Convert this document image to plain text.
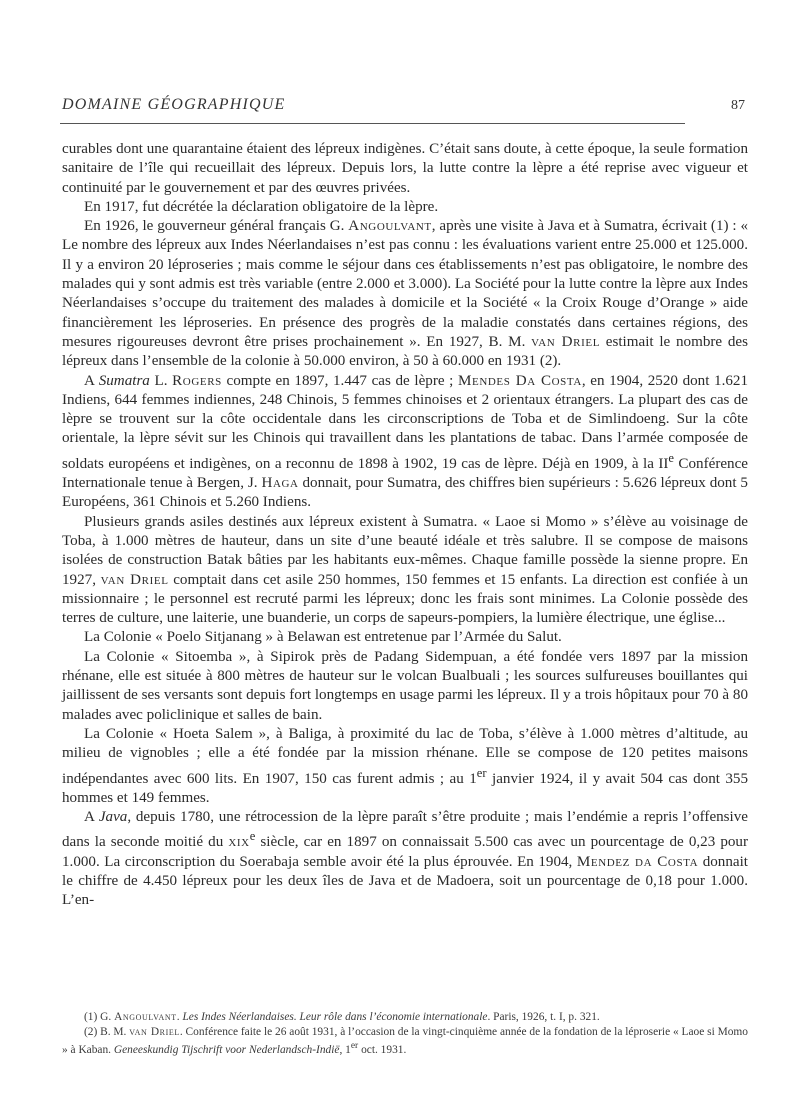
DOMAINE GÉOGRAPHIQUE	87

curables dont une quarantaine étaient des lépreux indigènes. C’était sans doute, à cette époque, la seule formation sanitaire de l’île qui recueillait des lépreux. Depuis lors, la lutte contre la lèpre a été reprise avec vigueur et continuité par le gouvernement et par des œuvres privées.

En 1917, fut décrétée la déclaration obligatoire de la lèpre.

En 1926, le gouverneur général français G. Angoulvant, après une visite à Java et à Sumatra, écrivait (1) : « Le nombre des lépreux aux Indes Néerlandaises n’est pas connu : les évaluations varient entre 25.000 et 125.000. Il y a environ 20 léproseries ; mais comme le séjour dans ces établissements n’est pas obligatoire, le nombre des malades qui y sont admis est très variable (entre 2.000 et 3.000). La Société pour la lutte contre la lèpre aux Indes Néerlandaises s’occupe du traitement des malades à domicile et la Société « la Croix Rouge d’Orange » aide financièrement les léproseries. En présence des progrès de la maladie constatés dans certaines régions, des mesures rigoureuses devront être prises prochainement ». En 1927, B. M. van Driel estimait le nombre des lépreux dans l’ensemble de la colonie à 50.000 environ, à 50 à 60.000 en 1931 (2).

A Sumatra L. Rogers compte en 1897, 1.447 cas de lèpre ; Mendes Da Costa, en 1904, 2520 dont 1.621 Indiens, 644 femmes indiennes, 248 Chinois, 5 femmes chinoises et 2 orientaux étrangers. La plupart des cas de lèpre se trouvent sur la côte occidentale dans les circonscriptions de Toba et de Simlindoeng. Sur la côte orientale, la lèpre sévit sur les Chinois qui travaillent dans les plantations de tabac. Dans l’armée composée de soldats européens et indigènes, on a reconnu de 1898 à 1902, 19 cas de lèpre. Déjà en 1909, à la IIe Conférence Internationale tenue à Bergen, J. Haga donnait, pour Sumatra, des chiffres bien supérieurs : 5.626 lépreux dont 5 Européens, 361 Chinois et 5.260 Indiens.

Plusieurs grands asiles destinés aux lépreux existent à Sumatra. « Laoe si Momo » s’élève au voisinage de Toba, à 1.000 mètres de hauteur, dans un site d’une beauté idéale et très salubre. Il se compose de maisons isolées de construction Batak bâties par les habitants eux-mêmes. Chaque famille possède la sienne propre. En 1927, van Driel comptait dans cet asile 250 hommes, 150 femmes et 15 enfants. La direction est confiée à un missionnaire ; le personnel est recruté parmi les lépreux; donc les frais sont minimes. La Colonie possède des terres de culture, une laiterie, une buanderie, un corps de sapeurs-pompiers, la lumière électrique, une église...

La Colonie « Poelo Sitjanang » à Belawan est entretenue par l’Armée du Salut.

La Colonie « Sitoemba », à Sipirok près de Padang Sidempuan, a été fondée vers 1897 par la mission rhénane, elle est située à 800 mètres de hauteur sur le volcan Bualbuali ; les sources sulfureuses bouillantes qui jaillissent de ses versants sont depuis fort longtemps en usage parmi les lépreux. Il y a trois hôpitaux pour 70 à 80 malades avec policlinique et salles de bain.

La Colonie « Hoeta Salem », à Baliga, à proximité du lac de Toba, s’élève à 1.000 mètres d’altitude, au milieu de vignobles ; elle a été fondée par la mission rhénane. Elle se compose de 120 petites maisons indépendantes avec 600 lits. En 1907, 150 cas furent admis ; au 1er janvier 1924, il y avait 504 cas dont 355 hommes et 149 femmes.

A Java, depuis 1780, une rétrocession de la lèpre paraît s’être produite ; mais l’endémie a repris l’offensive dans la seconde moitié du xix$^e$ siècle, car en 1897 on connaissait 5.500 cas avec un pourcentage de 0,23 pour 1.000. La circonscription du Soerabaja semble avoir été la plus éprouvée. En 1904, Mendez da Costa donnait le chiffre de 4.450 lépreux pour les deux îles de Java et de Madoera, soit un pourcentage de 0,18 pour 1.000. L’en-

(1) G. Angoulvant. Les Indes Néerlandaises. Leur rôle dans l’économie internationale. Paris, 1926, t. I, p. 321.

(2) B. M. van Driel. Conférence faite le 26 août 1931, à l’occasion de la vingt-cinquième année de la fondation de la léproserie « Laoe si Momo » à Kaban. Geneeskundig Tijschrift voor Nederlandsch-Indië, 1er oct. 1931.
